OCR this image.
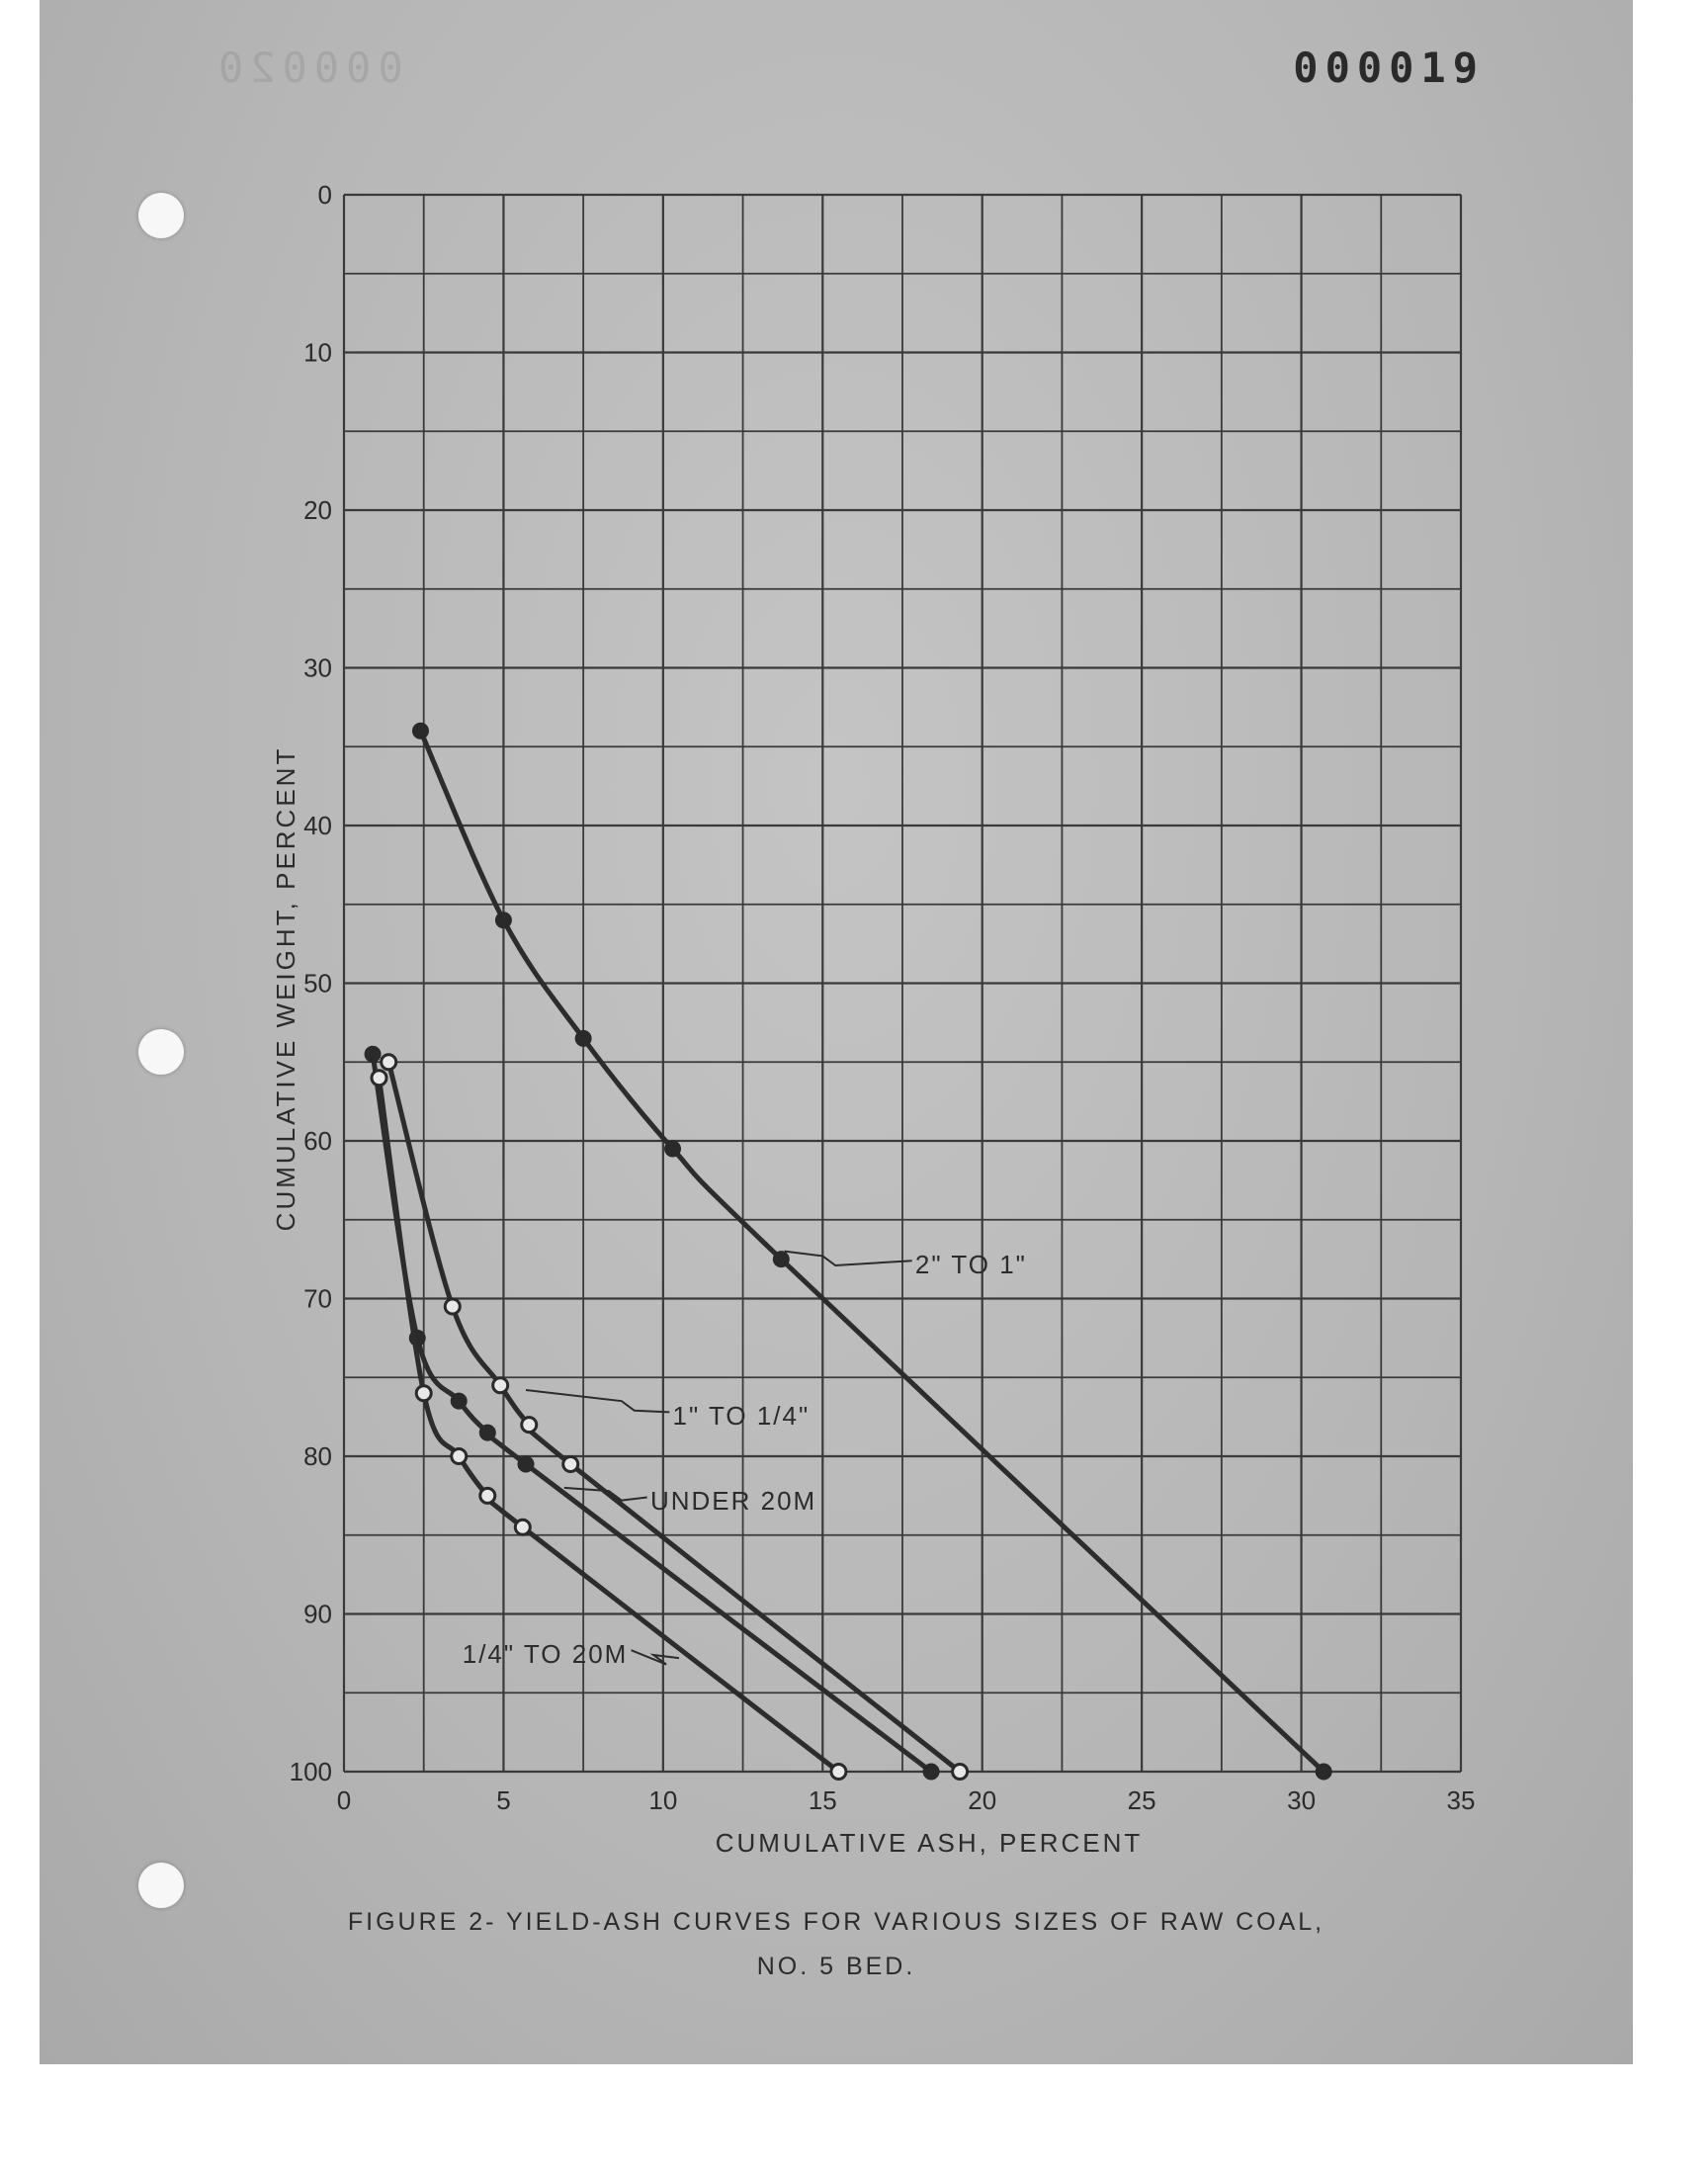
000020	000019
FIGURE 2- YIELD-ASH CURVES FOR VARIOUS SIZES OF RAW COAL,
NO. 5 BED.
0	5	10	15	20	25	30	35
0
10
20
30
40
50
60
70
80
90
100
2" TO 1"
1" TO 1/4"
UNDER 20M
1/4" TO 20M
CUMULATIVE ASH, PERCENT
CUMULATIVE WEIGHT, PERCENT
